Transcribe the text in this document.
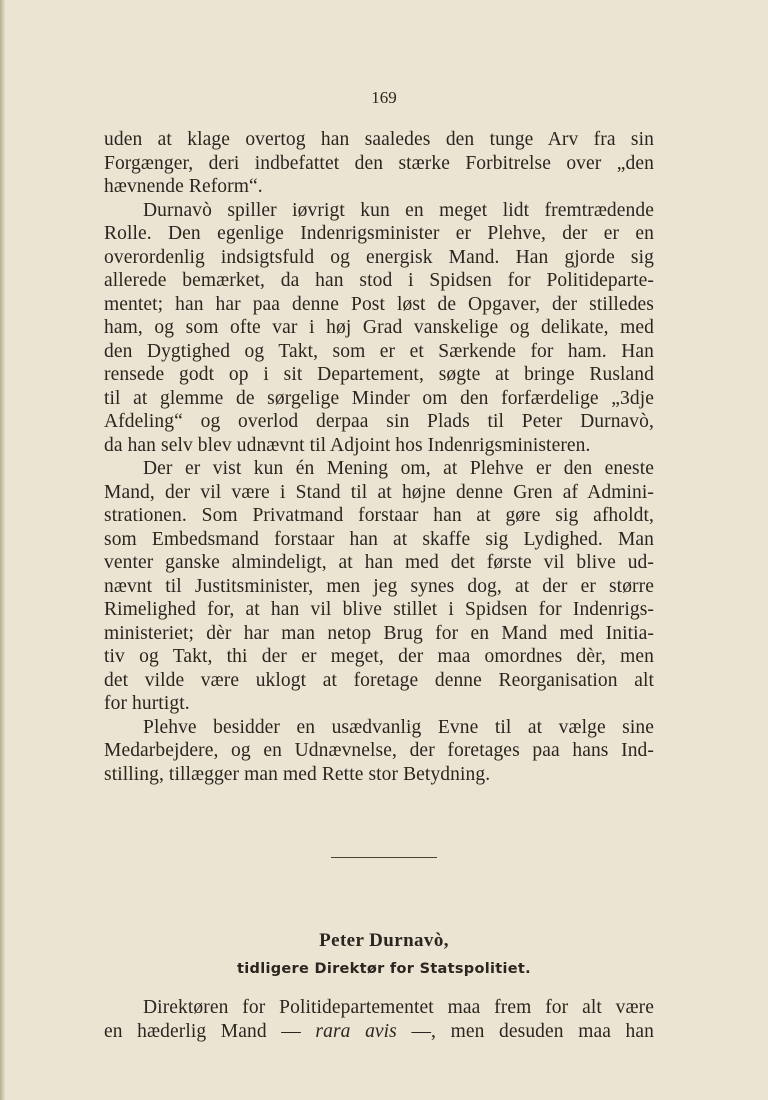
169
uden at klage overtog han saaledes den tunge Arv fra sin
Forgænger, deri indbefattet den stærke Forbitrelse over „den
hævnende Reform“.
Durnavò spiller iøvrigt kun en meget lidt fremtrædende
Rolle. Den egenlige Indenrigsminister er Plehve, der er en
overordenlig indsigtsfuld og energisk Mand. Han gjorde sig
allerede bemærket, da han stod i Spidsen for Politideparte-
mentet; han har paa denne Post løst de Opgaver, der stilledes
ham, og som ofte var i høj Grad vanskelige og delikate, med
den Dygtighed og Takt, som er et Særkende for ham. Han
rensede godt op i sit Departement, søgte at bringe Rusland
til at glemme de sørgelige Minder om den forfærdelige „3dje
Afdeling“ og overlod derpaa sin Plads til Peter Durnavò,
da han selv blev udnævnt til Adjoint hos Indenrigsministeren.
Der er vist kun én Mening om, at Plehve er den eneste
Mand, der vil være i Stand til at højne denne Gren af Admini-
strationen. Som Privatmand forstaar han at gøre sig afholdt,
som Embedsmand forstaar han at skaffe sig Lydighed. Man
venter ganske almindeligt, at han med det første vil blive ud-
nævnt til Justitsminister, men jeg synes dog, at der er større
Rimelighed for, at han vil blive stillet i Spidsen for Indenrigs-
ministeriet; dèr har man netop Brug for en Mand med Initia-
tiv og Takt, thi der er meget, der maa omordnes dèr, men
det vilde være uklogt at foretage denne Reorganisation alt
for hurtigt.
Plehve besidder en usædvanlig Evne til at vælge sine
Medarbejdere, og en Udnævnelse, der foretages paa hans Ind-
stilling, tillægger man med Rette stor Betydning.
Peter Durnavò,
tidligere Direktør for Statspolitiet.
Direktøren for Politidepartementet maa frem for alt være
en hæderlig Mand — rara avis —, men desuden maa han
